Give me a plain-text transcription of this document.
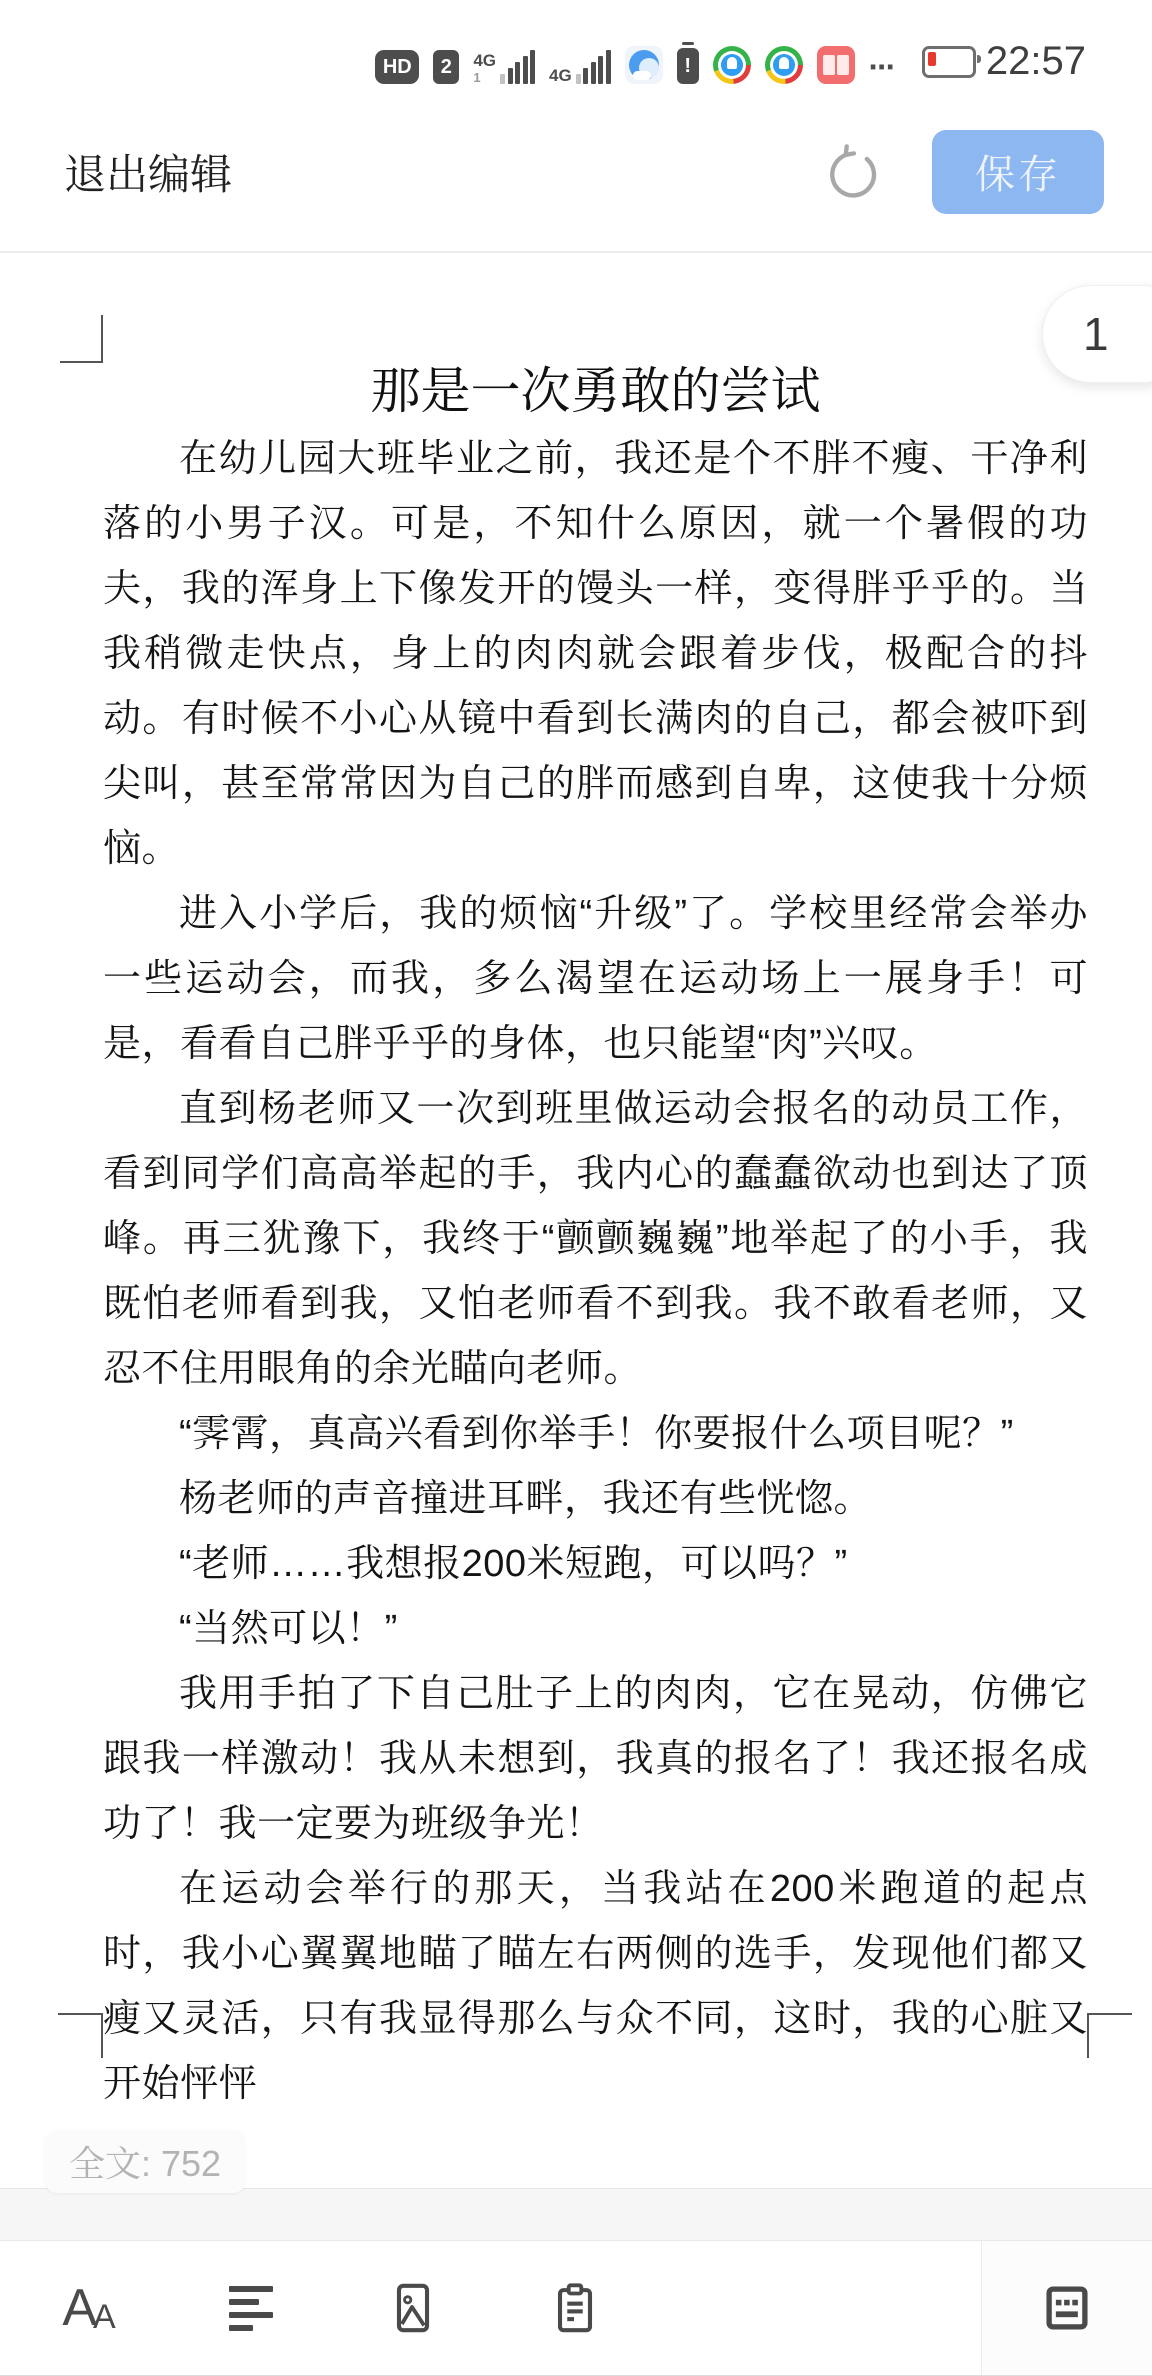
HD 2 4G
1	4G	!	⋯ 22:57
退出编辑	保存
1
那是一次勇敢的尝试

在幼儿园大班毕业之前，我还是个不胖不瘦、干净利落的小男子汉。可是，不知什么原因，就一个暑假的功夫，我的浑身上下像发开的馒头一样，变得胖乎乎的。当我稍微走快点，身上的肉肉就会跟着步伐，极配合的抖动。有时候不小心从镜中看到长满肉的自己，都会被吓到尖叫，甚至常常因为自己的胖而感到自卑，这使我十分烦恼。

进入小学后，我的烦恼“升级”了。学校里经常会举办一些运动会，而我，多么渴望在运动场上一展身手！可是，看看自己胖乎乎的身体，也只能望“肉”兴叹。

直到杨老师又一次到班里做运动会报名的动员工作，看到同学们高高举起的手，我内心的蠢蠢欲动也到达了顶峰。再三犹豫下，我终于“颤颤巍巍”地举起了的小手，我既怕老师看到我，又怕老师看不到我。我不敢看老师，又忍不住用眼角的余光瞄向老师。

“霁霄，真高兴看到你举手！你要报什么项目呢？”

杨老师的声音撞进耳畔，我还有些恍惚。

“老师……我想报200米短跑，可以吗？”

“当然可以！”

我用手拍了下自己肚子上的肉肉，它在晃动，仿佛它跟我一样激动！我从未想到，我真的报名了！我还报名成功了！我一定要为班级争光！

在运动会举行的那天，当我站在200米跑道的起点时，我小心翼翼地瞄了瞄左右两侧的选手，发现他们都又瘦又灵活，只有我显得那么与众不同，这时，我的心脏又开始怦怦

全文: 752
A
A
